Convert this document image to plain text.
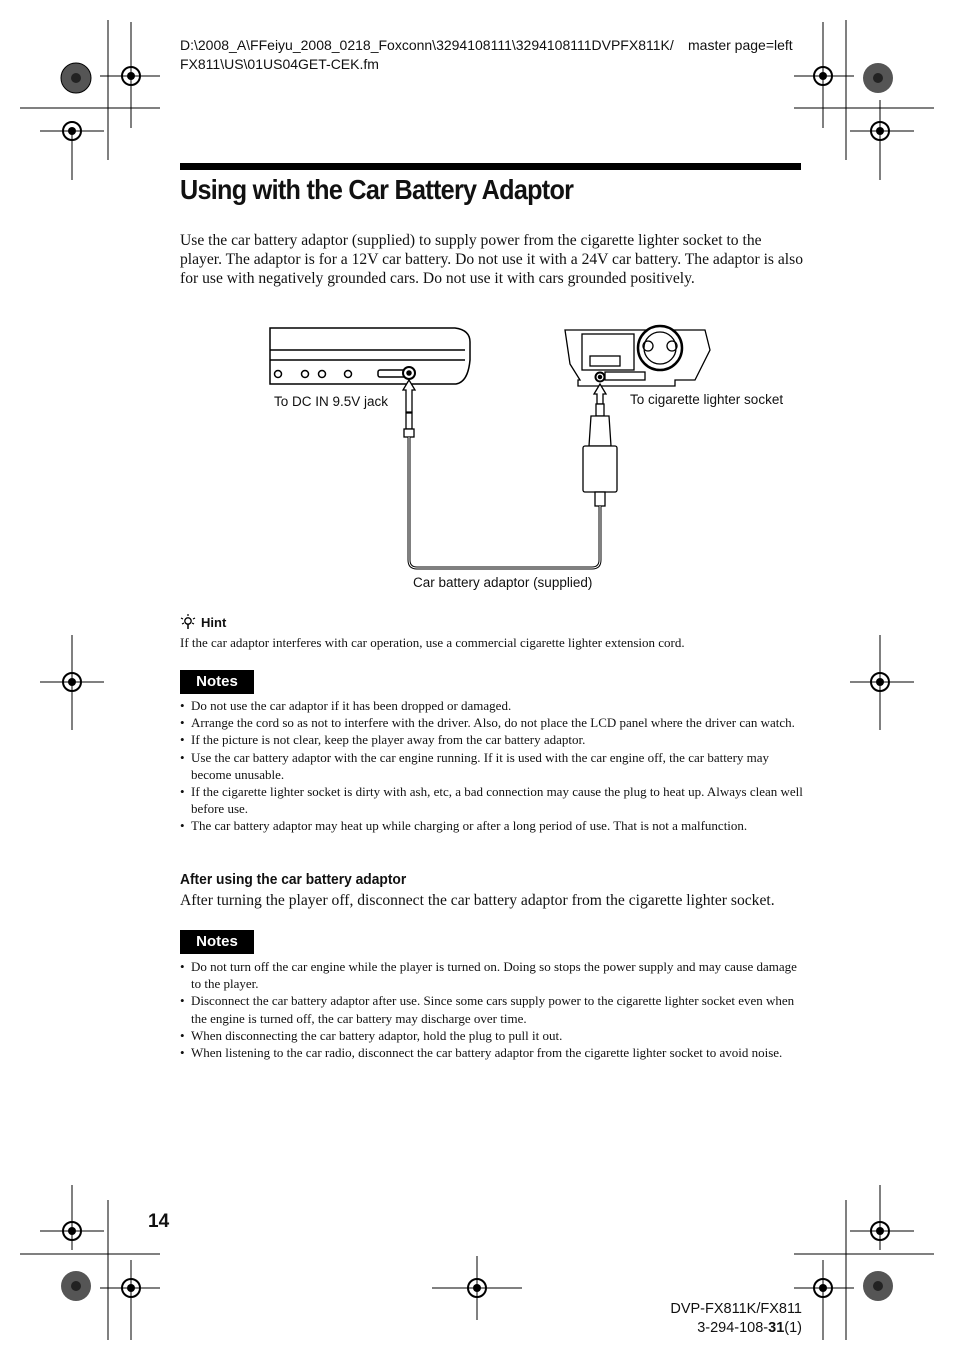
D:\2008_A\FFeiyu_2008_0218_Foxconn\3294108111\3294108111DVPFX811K/ master page=left
FX811\US\01US04GET-CEK.fm
Using with the Car Battery Adaptor
Use the car battery adaptor (supplied) to supply power from the cigarette lighter socket to the player. The adaptor is for a 12V car battery. Do not use it with a 24V car battery. The adaptor is also for use with negatively grounded cars. Do not use it with cars grounded positively.
To DC IN 9.5V jack	To cigarette lighter socket
Car battery adaptor (supplied)
Hint
If the car adaptor interferes with car operation, use a commercial cigarette lighter extension cord.
Notes
• Do not use the car adaptor if it has been dropped or damaged.
• Arrange the cord so as not to interfere with the driver. Also, do not place the LCD panel where the driver can watch.
• If the picture is not clear, keep the player away from the car battery adaptor.
• Use the car battery adaptor with the car engine running. If it is used with the car engine off, the car battery may become unusable.
• If the cigarette lighter socket is dirty with ash, etc, a bad connection may cause the plug to heat up. Always clean well before use.
• The car battery adaptor may heat up while charging or after a long period of use. That is not a malfunction.
After using the car battery adaptor
After turning the player off, disconnect the car battery adaptor from the cigarette lighter socket.
Notes
• Do not turn off the car engine while the player is turned on. Doing so stops the power supply and may cause damage to the player.
• Disconnect the car battery adaptor after use. Since some cars supply power to the cigarette lighter socket even when the engine is turned off, the car battery may discharge over time.
• When disconnecting the car battery adaptor, hold the plug to pull it out.
• When listening to the car radio, disconnect the car battery adaptor from the cigarette lighter socket to avoid noise.
14
DVP-FX811K/FX811
3-294-108-31(1)
